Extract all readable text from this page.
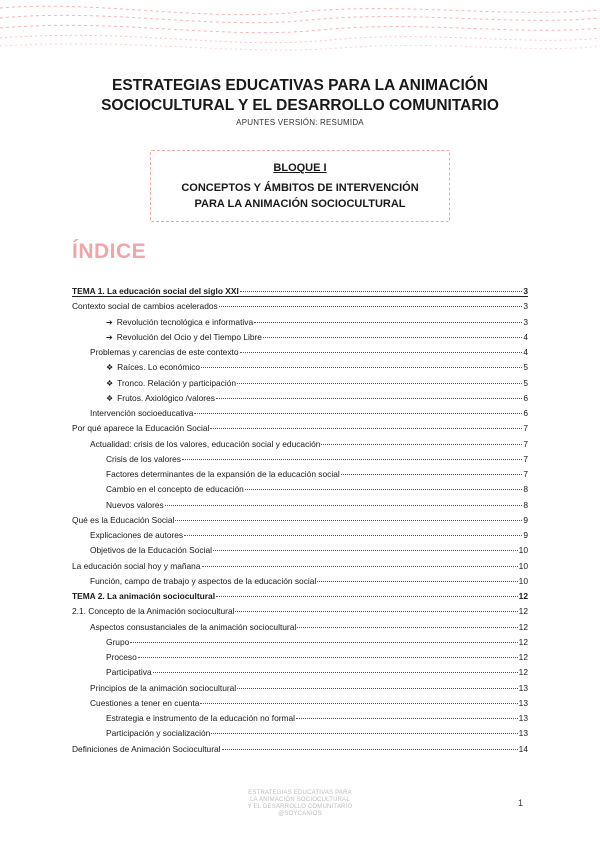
ESTRATEGIAS EDUCATIVAS PARA LA ANIMACIÓN
SOCIOCULTURAL Y EL DESARROLLO COMUNITARIO
APUNTES VERSIÓN: RESUMIDA
BLOQUE I
CONCEPTOS Y ÁMBITOS DE INTERVENCIÓN
PARA LA ANIMACIÓN SOCIOCULTURAL
ÍNDICE
TEMA 1. La educación social del siglo XXI	3
Contexto social de cambios acelerados	3
➔ Revolución tecnológica e informativa	3
➔ Revolución del Ocio y del Tiempo Libre	4
Problemas y carencias de este contexto	4
❖ Raíces. Lo económico	5
❖ Tronco. Relación y participación	5
❖ Frutos. Axiológico /valores	6
Intervención socioeducativa	6
Por qué aparece la Educación Social	7
Actualidad: crisis de los valores, educación social y educación	7
Crisis de los valores	7
Factores determinantes de la expansión de la educación social	7
Cambio en el concepto de educación	8
Nuevos valores	8
Qué es la Educación Social	9
Explicaciones de autores	9
Objetivos de la Educación Social	10
La educación social hoy y mañana	10
Función, campo de trabajo y aspectos de la educación social	10
TEMA 2. La animación sociocultural	12
2.1. Concepto de la Animación sociocultural	12
Aspectos consustanciales de la animación sociocultural	12
Grupo	12
Proceso	12
Participativa	12
Principios de la animación sociocultural	13
Cuestiones a tener en cuenta	13
Estrategia e instrumento de la educación no formal	13
Participación y socialización	13
Definiciones de Animación Sociocultural	14
ESTRATEGIAS EDUCATIVAS PARA
LA ANIMACIÓN SOCIOCULTURAL
Y EL DESARROLLO COMUNITARIO
@SOYCANIOS
1
